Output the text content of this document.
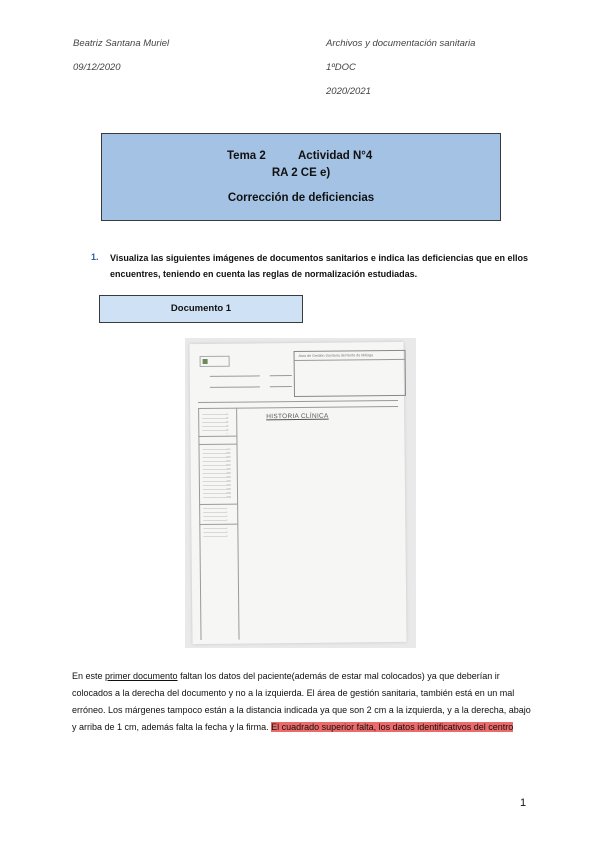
Beatriz Santana Muriel
09/12/2020
Archivos y documentación sanitaria
1ºDOC
2020/2021
Tema 2	Actividad N°4
RA 2 CE e)
Corrección de deficiencias
1. Visualiza las siguientes imágenes de documentos sanitarios e indica las deficiencias que en ellos encuentres, teniendo en cuenta las reglas de normalización estudiadas.
Documento 1
Área de Gestión Sanitaria del Norte de Málaga
HISTORIA CLÍNICA
En este primer documento faltan los datos del paciente(además de estar mal colocados) ya que deberían ir colocados a la derecha del documento y no a la izquierda. El área de gestión sanitaria, también está en un mal erróneo. Los márgenes tampoco están a la distancia indicada ya que son 2 cm a la izquierda, y a la derecha, abajo y arriba de 1 cm, además falta la fecha y la firma. El cuadrado superior falta, los datos identificativos del centro
1
